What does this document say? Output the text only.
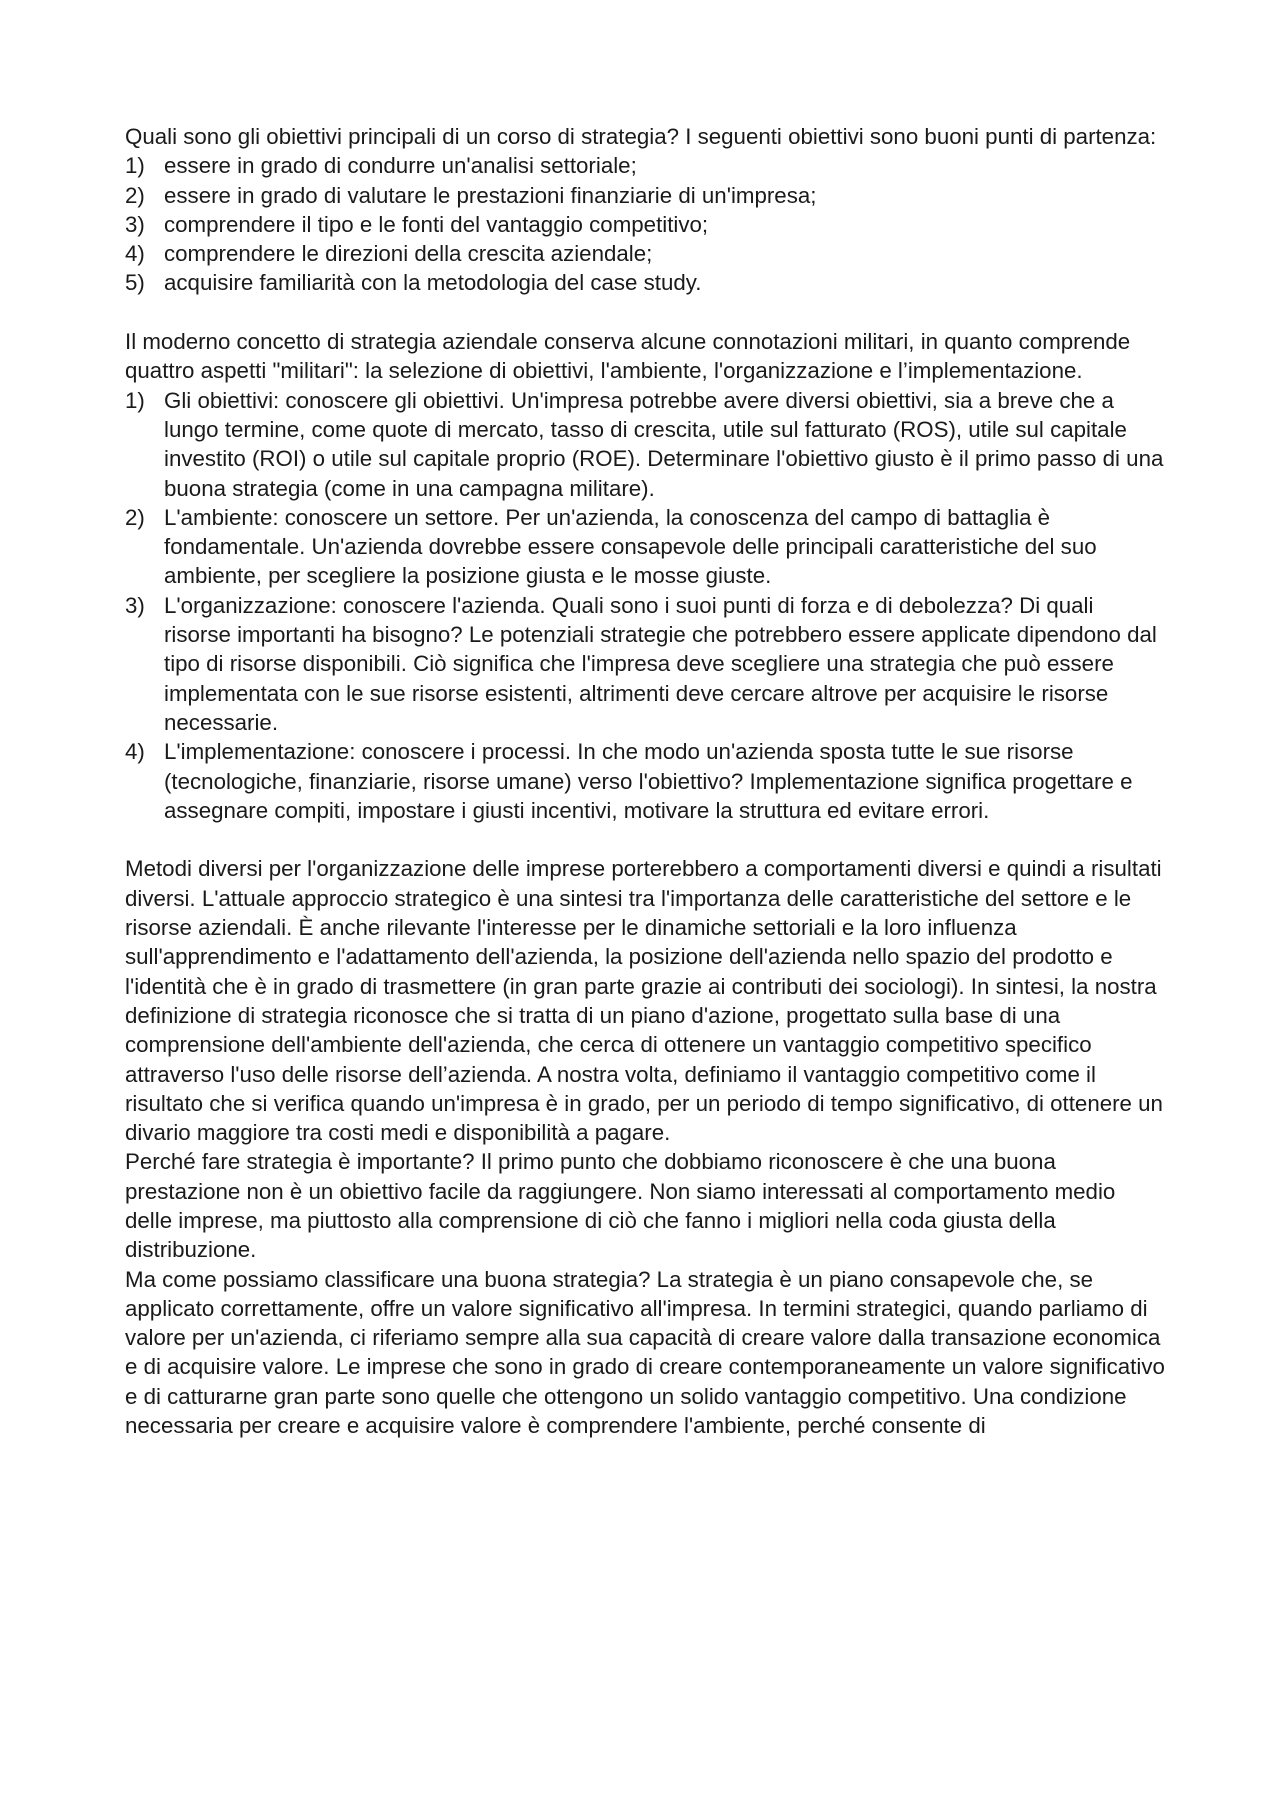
Quali sono gli obiettivi principali di un corso di strategia? I seguenti obiettivi sono buoni punti di partenza:

1) essere in grado di condurre un'analisi settoriale;
2) essere in grado di valutare le prestazioni finanziarie di un'impresa;
3) comprendere il tipo e le fonti del vantaggio competitivo;
4) comprendere le direzioni della crescita aziendale;
5) acquisire familiarità con la metodologia del case study.

Il moderno concetto di strategia aziendale conserva alcune connotazioni militari, in quanto comprende quattro aspetti "militari": la selezione di obiettivi, l'ambiente, l'organizzazione e l’implementazione.

1) Gli obiettivi: conoscere gli obiettivi. Un'impresa potrebbe avere diversi obiettivi, sia a breve che a lungo termine, come quote di mercato, tasso di crescita, utile sul fatturato (ROS), utile sul capitale investito (ROI) o utile sul capitale proprio (ROE). Determinare l'obiettivo giusto è il primo passo di una buona strategia (come in una campagna militare).
2) L'ambiente: conoscere un settore. Per un'azienda, la conoscenza del campo di battaglia è fondamentale. Un'azienda dovrebbe essere consapevole delle principali caratteristiche del suo ambiente, per scegliere la posizione giusta e le mosse giuste.
3) L'organizzazione: conoscere l'azienda. Quali sono i suoi punti di forza e di debolezza? Di quali risorse importanti ha bisogno? Le potenziali strategie che potrebbero essere applicate dipendono dal tipo di risorse disponibili. Ciò significa che l'impresa deve scegliere una strategia che può essere implementata con le sue risorse esistenti, altrimenti deve cercare altrove per acquisire le risorse necessarie.
4) L'implementazione: conoscere i processi. In che modo un'azienda sposta tutte le sue risorse (tecnologiche, finanziarie, risorse umane) verso l'obiettivo? Implementazione significa progettare e assegnare compiti, impostare i giusti incentivi, motivare la struttura ed evitare errori.

Metodi diversi per l'organizzazione delle imprese porterebbero a comportamenti diversi e quindi a risultati diversi. L'attuale approccio strategico è una sintesi tra l'importanza delle caratteristiche del settore e le risorse aziendali. È anche rilevante l'interesse per le dinamiche settoriali e la loro influenza sull'apprendimento e l'adattamento dell'azienda, la posizione dell'azienda nello spazio del prodotto e l'identità che è in grado di trasmettere (in gran parte grazie ai contributi dei sociologi). In sintesi, la nostra definizione di strategia riconosce che si tratta di un piano d'azione, progettato sulla base di una comprensione dell'ambiente dell'azienda, che cerca di ottenere un vantaggio competitivo specifico attraverso l'uso delle risorse dell’azienda. A nostra volta, definiamo il vantaggio competitivo come il risultato che si verifica quando un'impresa è in grado, per un periodo di tempo significativo, di ottenere un divario maggiore tra costi medi e disponibilità a pagare.

Perché fare strategia è importante? Il primo punto che dobbiamo riconoscere è che una buona prestazione non è un obiettivo facile da raggiungere. Non siamo interessati al comportamento medio delle imprese, ma piuttosto alla comprensione di ciò che fanno i migliori nella coda giusta della distribuzione.

Ma come possiamo classificare una buona strategia? La strategia è un piano consapevole che, se applicato correttamente, offre un valore significativo all'impresa. In termini strategici, quando parliamo di valore per un'azienda, ci riferiamo sempre alla sua capacità di creare valore dalla transazione economica e di acquisire valore. Le imprese che sono in grado di creare contemporaneamente un valore significativo e di catturarne gran parte sono quelle che ottengono un solido vantaggio competitivo. Una condizione necessaria per creare e acquisire valore è comprendere l'ambiente, perché consente di
